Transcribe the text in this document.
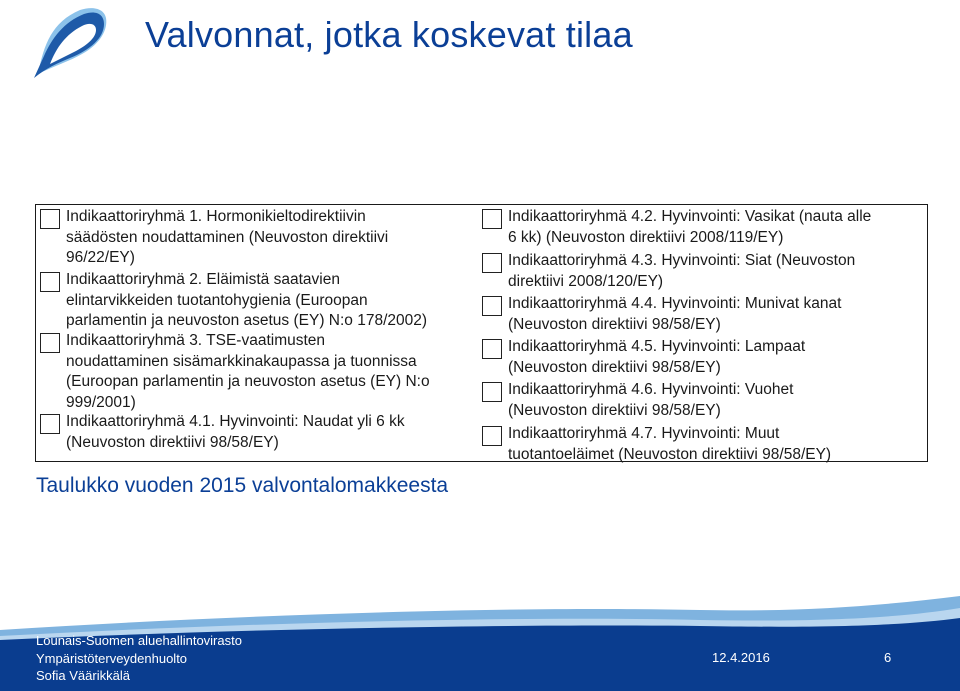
Valvonnat, jotka koskevat tilaa
Indikaattoriryhmä 1. Hormonikieltodirektiivin
säädösten noudattaminen (Neuvoston direktiivi
96/22/EY)
Indikaattoriryhmä 2. Eläimistä saatavien
elintarvikkeiden tuotantohygienia (Euroopan
parlamentin ja neuvoston asetus (EY) N:o 178/2002)
Indikaattoriryhmä 3. TSE-vaatimusten
noudattaminen sisämarkkinakaupassa ja tuonnissa
(Euroopan parlamentin ja neuvoston asetus (EY) N:o
999/2001)
Indikaattoriryhmä 4.1. Hyvinvointi: Naudat yli 6 kk
(Neuvoston direktiivi 98/58/EY)
Indikaattoriryhmä 4.2. Hyvinvointi: Vasikat (nauta alle
6 kk) (Neuvoston direktiivi 2008/119/EY)
Indikaattoriryhmä 4.3. Hyvinvointi: Siat (Neuvoston
direktiivi 2008/120/EY)
Indikaattoriryhmä 4.4. Hyvinvointi: Munivat kanat
(Neuvoston direktiivi 98/58/EY)
Indikaattoriryhmä 4.5. Hyvinvointi: Lampaat
(Neuvoston direktiivi 98/58/EY)
Indikaattoriryhmä 4.6. Hyvinvointi: Vuohet
(Neuvoston direktiivi 98/58/EY)
Indikaattoriryhmä 4.7. Hyvinvointi: Muut
tuotantoeläimet (Neuvoston direktiivi 98/58/EY)
Taulukko vuoden 2015 valvontalomakkeesta
Lounais-Suomen aluehallintovirasto
Ympäristöterveydenhuolto
Sofia Väärikkälä
12.4.2016	6
